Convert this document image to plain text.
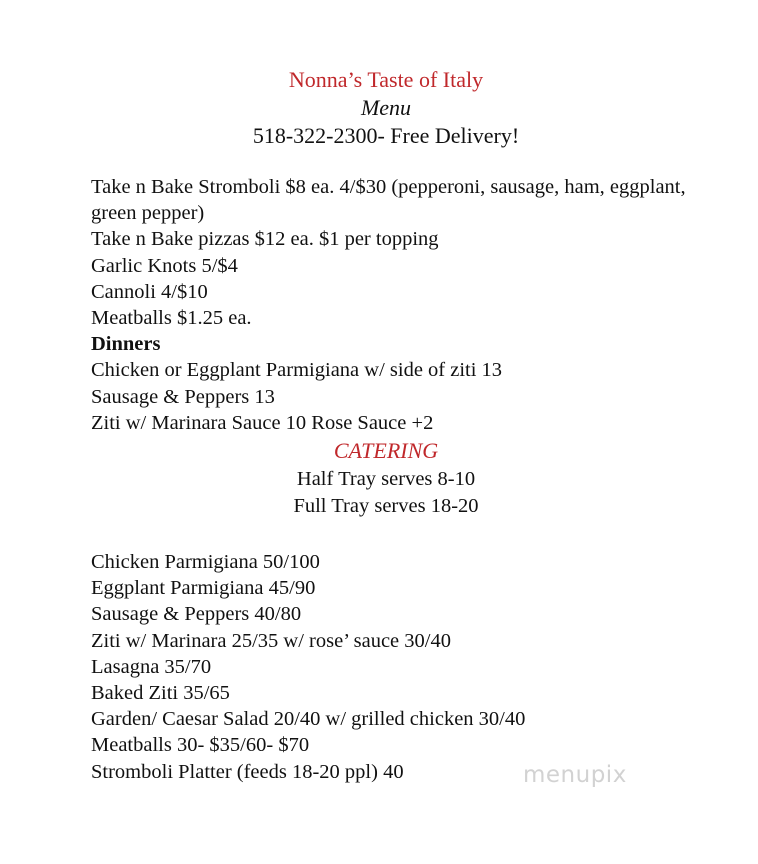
Nonna’s Taste of Italy
Menu
518-322-2300- Free Delivery!
Take n Bake Stromboli $8 ea. 4/$30 (pepperoni, sausage, ham, eggplant, green pepper)
Take n Bake pizzas $12 ea. $1 per topping
Garlic Knots 5/$4
Cannoli 4/$10
Meatballs $1.25 ea.
Dinners
Chicken or Eggplant Parmigiana w/ side of ziti 13
Sausage & Peppers 13
Ziti w/ Marinara Sauce 10 Rose Sauce +2
CATERING
Half Tray serves 8-10
Full Tray serves 18-20
Chicken Parmigiana 50/100
Eggplant Parmigiana 45/90
Sausage & Peppers 40/80
Ziti w/ Marinara 25/35 w/ rose’ sauce 30/40
Lasagna 35/70
Baked Ziti 35/65
Garden/ Caesar Salad 20/40 w/ grilled chicken 30/40
Meatballs 30- $35/60- $70
Stromboli Platter (feeds 18-20 ppl) 40	menupix
